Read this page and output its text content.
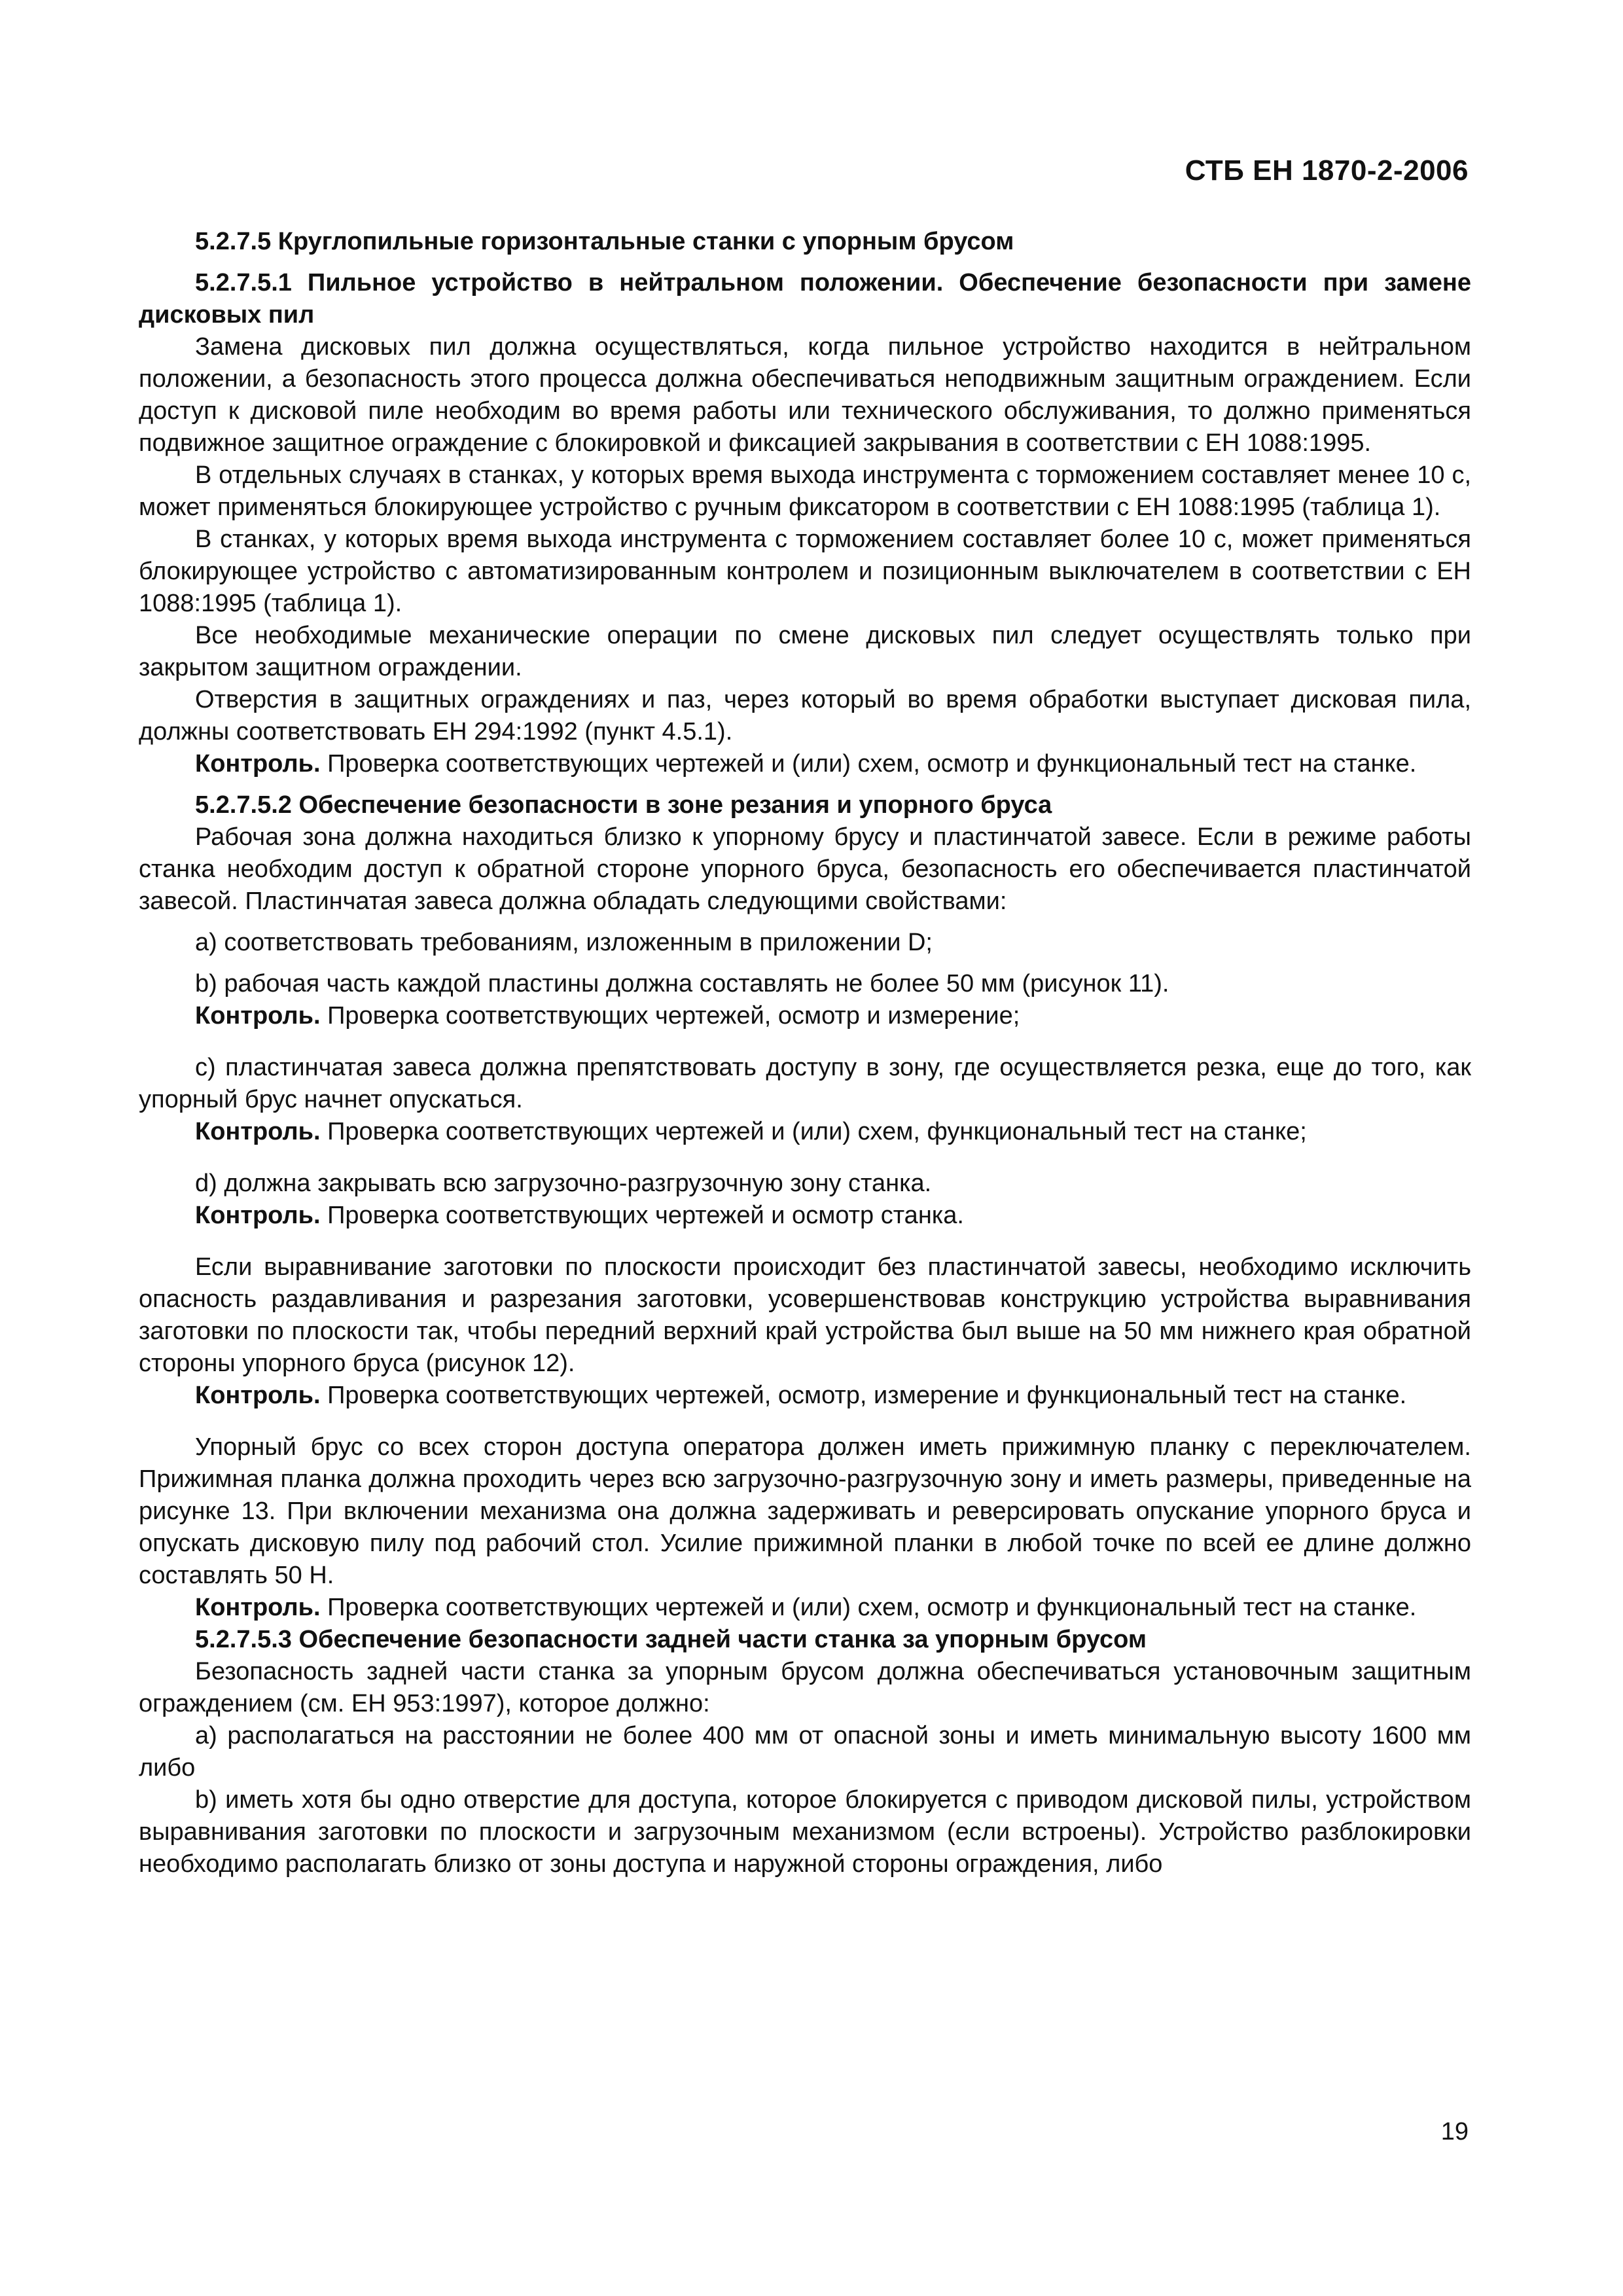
СТБ ЕН 1870-2-2006

5.2.7.5 Круглопильные горизонтальные станки с упорным брусом

5.2.7.5.1 Пильное устройство в нейтральном положении. Обеспечение безопасности при замене дисковых пил

Замена дисковых пил должна осуществляться, когда пильное устройство находится в нейтральном положении, а безопасность этого процесса должна обеспечиваться неподвижным защитным ограждением. Если доступ к дисковой пиле необходим во время работы или технического обслуживания, то должно применяться подвижное защитное ограждение с блокировкой и фиксацией закрывания в соответствии с ЕН 1088:1995.

В отдельных случаях в станках, у которых время выхода инструмента с торможением составляет менее 10 с, может применяться блокирующее устройство с ручным фиксатором в соответствии с ЕН 1088:1995 (таблица 1).

В станках, у которых время выхода инструмента с торможением составляет более 10 с, может применяться блокирующее устройство с автоматизированным контролем и позиционным выключателем в соответствии с ЕН 1088:1995 (таблица 1).

Все необходимые механические операции по смене дисковых пил следует осуществлять только при закрытом защитном ограждении.

Отверстия в защитных ограждениях и паз, через который во время обработки выступает дисковая пила, должны соответствовать ЕН 294:1992 (пункт 4.5.1).

Контроль. Проверка соответствующих чертежей и (или) схем, осмотр и функциональный тест на станке.

5.2.7.5.2 Обеспечение безопасности в зоне резания и упорного бруса

Рабочая зона должна находиться близко к упорному брусу и пластинчатой завесе. Если в режиме работы станка необходим доступ к обратной стороне упорного бруса, безопасность его обеспечивается пластинчатой завесой. Пластинчатая завеса должна обладать следующими свойствами:

а) соответствовать требованиям, изложенным в приложении D;

b) рабочая часть каждой пластины должна составлять не более 50 мм (рисунок 11).

Контроль. Проверка соответствующих чертежей, осмотр и измерение;

c) пластинчатая завеса должна препятствовать доступу в зону, где осуществляется резка, еще до того, как упорный брус начнет опускаться.

Контроль. Проверка соответствующих чертежей и (или) схем, функциональный тест на станке;

d) должна закрывать всю загрузочно-разгрузочную зону станка.

Контроль. Проверка соответствующих чертежей и осмотр станка.

Если выравнивание заготовки по плоскости происходит без пластинчатой завесы, необходимо исключить опасность раздавливания и разрезания заготовки, усовершенствовав конструкцию устройства выравнивания заготовки по плоскости так, чтобы передний верхний край устройства был выше на 50 мм нижнего края обратной стороны упорного бруса (рисунок 12).

Контроль. Проверка соответствующих чертежей, осмотр, измерение и функциональный тест на станке.

Упорный брус со всех сторон доступа оператора должен иметь прижимную планку с переключателем. Прижимная планка должна проходить через всю загрузочно-разгрузочную зону и иметь размеры, приведенные на рисунке 13. При включении механизма она должна задерживать и реверсировать опускание упорного бруса и опускать дисковую пилу под рабочий стол. Усилие прижимной планки в любой точке по всей ее длине должно составлять 50 Н.

Контроль. Проверка соответствующих чертежей и (или) схем, осмотр и функциональный тест на станке.

5.2.7.5.3 Обеспечение безопасности задней части станка за упорным брусом

Безопасность задней части станка за упорным брусом должна обеспечиваться установочным защитным ограждением (см. ЕН 953:1997), которое должно:

а) располагаться на расстоянии не более 400 мм от опасной зоны и иметь минимальную высоту 1600 мм либо

b) иметь хотя бы одно отверстие для доступа, которое блокируется с приводом дисковой пилы, устройством выравнивания заготовки по плоскости и загрузочным механизмом (если встроены). Устройство разблокировки необходимо располагать близко от зоны доступа и наружной стороны ограждения, либо

19
